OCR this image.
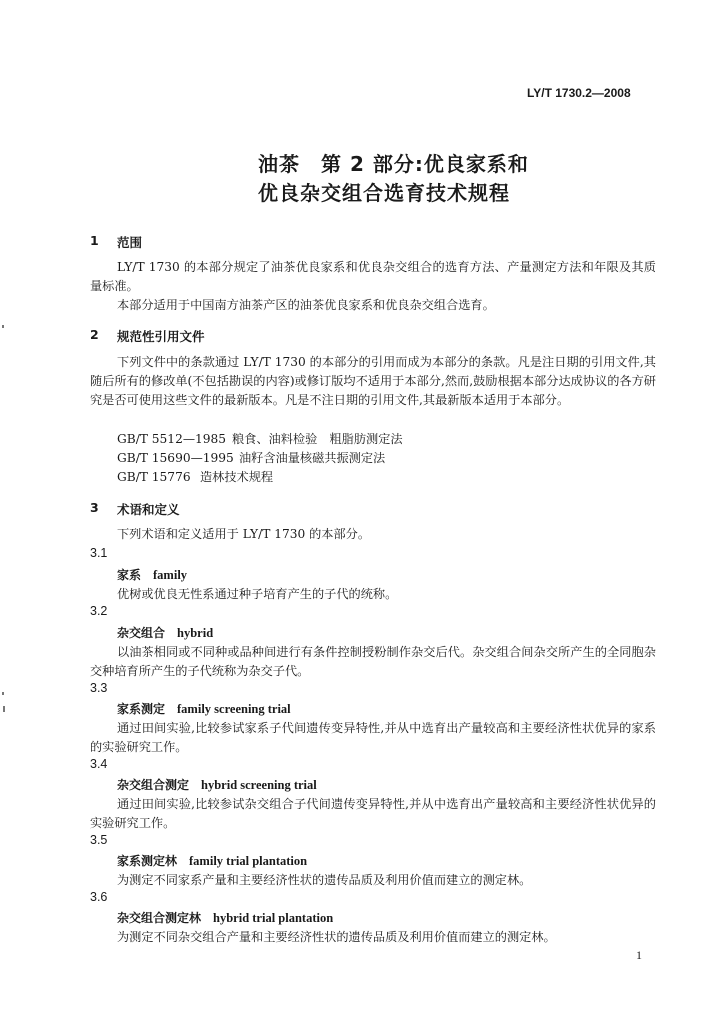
LY/T 1730.2—2008
油茶　第 2 部分:优良家系和
优良杂交组合选育技术规程
1 范围
LY/T 1730 的本部分规定了油茶优良家系和优良杂交组合的选育方法、产量测定方法和年限及其质量标准。
本部分适用于中国南方油茶产区的油茶优良家系和优良杂交组合选育。
2 规范性引用文件
下列文件中的条款通过 LY/T 1730 的本部分的引用而成为本部分的条款。凡是注日期的引用文件,其随后所有的修改单(不包括勘误的内容)或修订版均不适用于本部分,然而,鼓励根据本部分达成协议的各方研究是否可使用这些文件的最新版本。凡是不注日期的引用文件,其最新版本适用于本部分。
GB/T 5512—1985 粮食、油料检验　粗脂肪测定法
GB/T 15690—1995 油籽含油量核磁共振测定法
GB/T 15776 造林技术规程
3 术语和定义
下列术语和定义适用于 LY/T 1730 的本部分。
3.1
家系 family
优树或优良无性系通过种子培育产生的子代的统称。
3.2
杂交组合 hybrid
以油茶相同或不同种或品种间进行有条件控制授粉制作杂交后代。杂交组合间杂交所产生的全同胞杂交种培育所产生的子代统称为杂交子代。
3.3
家系测定 family screening trial
通过田间实验,比较参试家系子代间遗传变异特性,并从中选育出产量较高和主要经济性状优异的家系的实验研究工作。
3.4
杂交组合测定 hybrid screening trial
通过田间实验,比较参试杂交组合子代间遗传变异特性,并从中选育出产量较高和主要经济性状优异的实验研究工作。
3.5
家系测定林 family trial plantation
为测定不同家系产量和主要经济性状的遗传品质及利用价值而建立的测定林。
3.6
杂交组合测定林 hybrid trial plantation
为测定不同杂交组合产量和主要经济性状的遗传品质及利用价值而建立的测定林。
1
